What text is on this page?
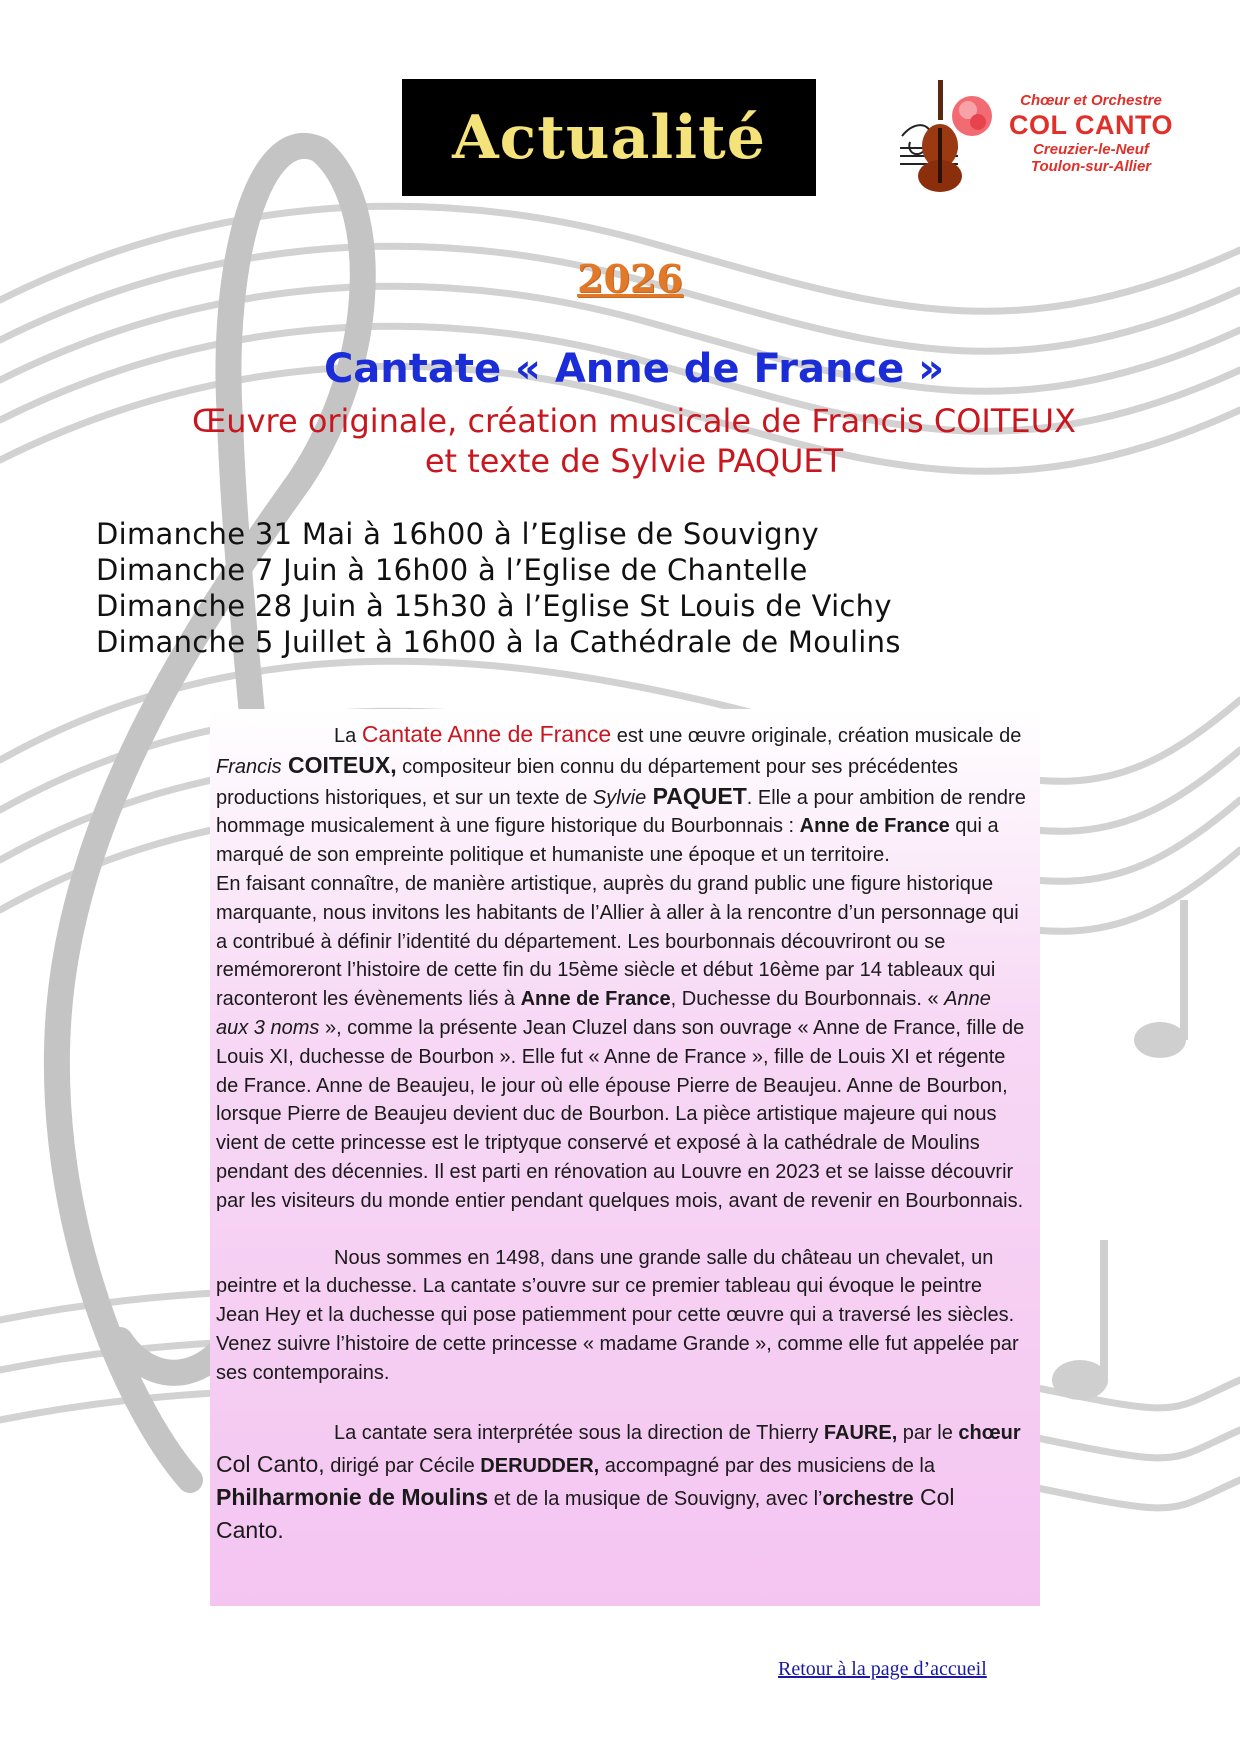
Actualité
Chœur et Orchestre
COL CANTO
Creuzier-le-Neuf
Toulon-sur-Allier
2026
Cantate « Anne de France »
Œuvre originale, création musicale de Francis COITEUX
et texte de Sylvie PAQUET
Dimanche 31 Mai à 16h00 à l’Eglise de Souvigny
Dimanche 7 Juin à 16h00 à l’Eglise de Chantelle
Dimanche 28 Juin à 15h30 à l’Eglise St Louis de Vichy
Dimanche 5 Juillet à 16h00 à la Cathédrale de Moulins
La Cantate Anne de France est une œuvre originale, création musicale de Francis COITEUX, compositeur bien connu du département pour ses précédentes productions historiques, et sur un texte de Sylvie PAQUET. Elle a pour ambition de rendre hommage musicalement à une figure historique du Bourbonnais : Anne de France qui a marqué de son empreinte politique et humaniste une époque et un territoire.
En faisant connaître, de manière artistique, auprès du grand public une figure historique marquante, nous invitons les habitants de l’Allier à aller à la rencontre d’un personnage qui a contribué à définir l’identité du département. Les bourbonnais découvriront ou se remémoreront l’histoire de cette fin du 15ème siècle et début 16ème par 14 tableaux qui raconteront les évènements liés à Anne de France, Duchesse du Bourbonnais. « Anne aux 3 noms », comme la présente Jean Cluzel dans son ouvrage « Anne de France, fille de Louis XI, duchesse de Bourbon ». Elle fut « Anne de France », fille de Louis XI et régente de France. Anne de Beaujeu, le jour où elle épouse Pierre de Beaujeu. Anne de Bourbon, lorsque Pierre de Beaujeu devient duc de Bourbon. La pièce artistique majeure qui nous vient de cette princesse est le triptyque conservé et exposé à la cathédrale de Moulins pendant des décennies. Il est parti en rénovation au Louvre en 2023 et se laisse découvrir par les visiteurs du monde entier pendant quelques mois, avant de revenir en Bourbonnais.
Nous sommes en 1498, dans une grande salle du château un chevalet, un peintre et la duchesse. La cantate s’ouvre sur ce premier tableau qui évoque le peintre Jean Hey et la duchesse qui pose patiemment pour cette œuvre qui a traversé les siècles. Venez suivre l’histoire de cette princesse « madame Grande », comme elle fut appelée par ses contemporains.
La cantate sera interprétée sous la direction de Thierry FAURE, par le chœur Col Canto, dirigé par Cécile DERUDDER, accompagné par des musiciens de la Philharmonie de Moulins et de la musique de Souvigny, avec l’orchestre Col Canto.
Retour à la page d’accueil
